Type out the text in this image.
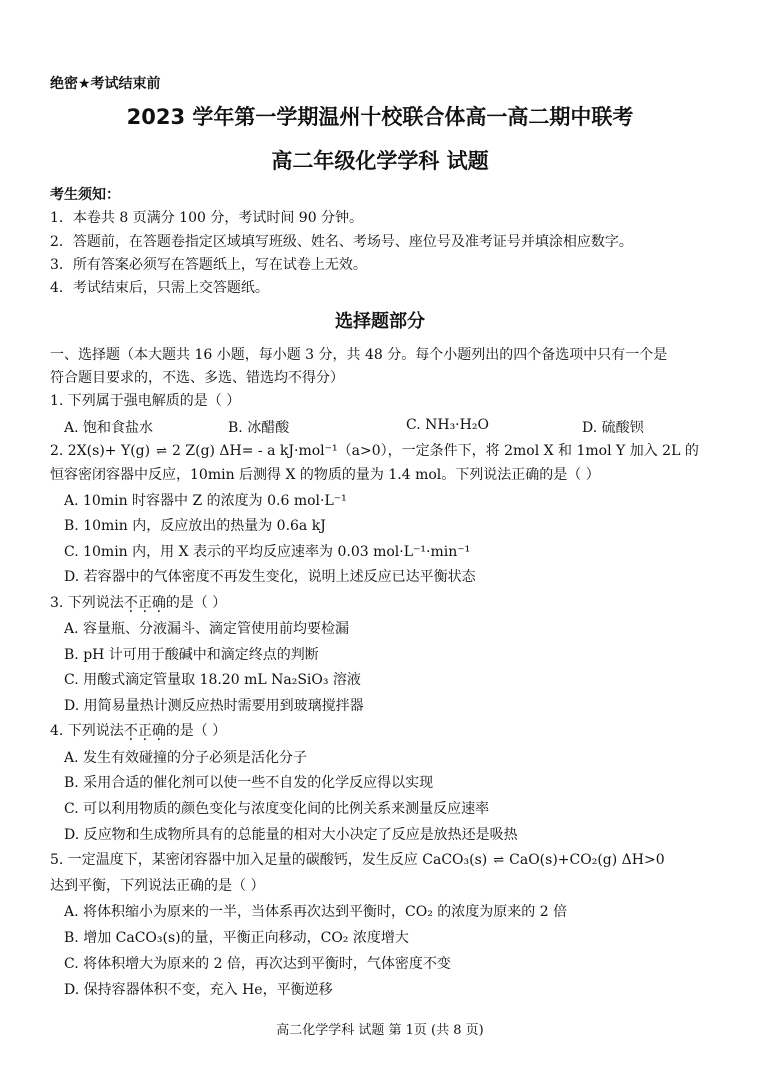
绝密★考试结束前
2023 学年第一学期温州十校联合体高一高二期中联考
高二年级化学学科 试题
考生须知：
1．本卷共 8 页满分 100 分，考试时间 90 分钟。
2．答题前，在答题卷指定区域填写班级、姓名、考场号、座位号及准考证号并填涂相应数字。
3．所有答案必须写在答题纸上，写在试卷上无效。
4．考试结束后，只需上交答题纸。
选择题部分
一、选择题（本大题共 16 小题，每小题 3 分，共 48 分。每个小题列出的四个备选项中只有一个是
符合题目要求的，不选、多选、错选均不得分）
1. 下列属于强电解质的是（ ）
A. 饱和食盐水	B. 冰醋酸	C. NH₃·H₂O	D. 硫酸钡
2. 2X(s)+ Y(g) ⇌ 2 Z(g) ΔH= - a kJ·mol⁻¹（a>0），一定条件下，将 2mol X 和 1mol Y 加入 2L 的
恒容密闭容器中反应，10min 后测得 X 的物质的量为 1.4 mol。下列说法正确的是（ ）
A. 10min 时容器中 Z 的浓度为 0.6 mol·L⁻¹
B. 10min 内，反应放出的热量为 0.6a kJ
C. 10min 内，用 X 表示的平均反应速率为 0.03 mol·L⁻¹·min⁻¹
D. 若容器中的气体密度不再发生变化，说明上述反应已达平衡状态
3. 下列说法不正确的是（ ）
A. 容量瓶、分液漏斗、滴定管使用前均要检漏
B. pH 计可用于酸碱中和滴定终点的判断
C. 用酸式滴定管量取 18.20 mL Na₂SiO₃ 溶液
D. 用简易量热计测反应热时需要用到玻璃搅拌器
4. 下列说法不正确的是（ ）
A. 发生有效碰撞的分子必须是活化分子
B. 采用合适的催化剂可以使一些不自发的化学反应得以实现
C. 可以利用物质的颜色变化与浓度变化间的比例关系来测量反应速率
D. 反应物和生成物所具有的总能量的相对大小决定了反应是放热还是吸热
5. 一定温度下，某密闭容器中加入足量的碳酸钙，发生反应 CaCO₃(s) ⇌ CaO(s)+CO₂(g) ΔH>0
达到平衡，下列说法正确的是（ ）
A. 将体积缩小为原来的一半，当体系再次达到平衡时，CO₂ 的浓度为原来的 2 倍
B. 增加 CaCO₃(s)的量，平衡正向移动，CO₂ 浓度增大
C. 将体积增大为原来的 2 倍，再次达到平衡时，气体密度不变
D. 保持容器体积不变，充入 He，平衡逆移
高二化学学科 试题 第 1页 (共 8 页)
